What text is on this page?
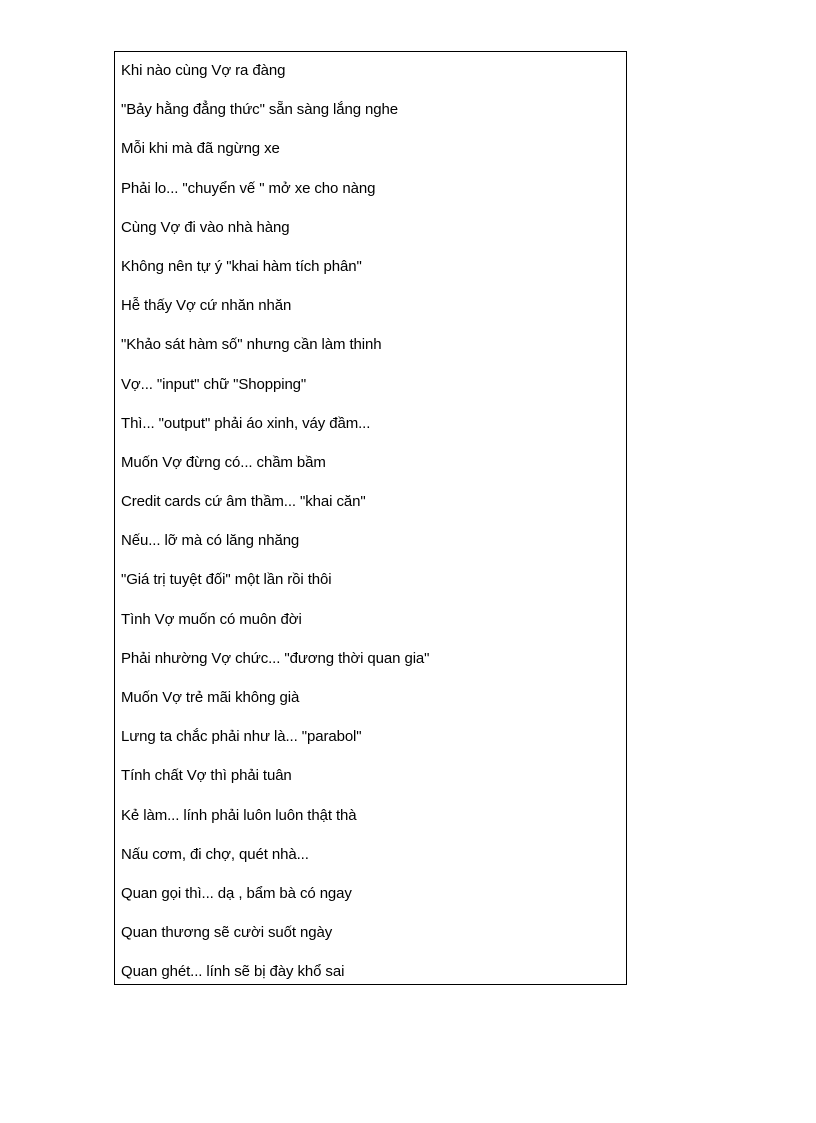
Khi nào cùng Vợ ra đàng
"Bảy hằng đẳng thức" sẵn sàng lắng nghe
Mỗi khi mà đã ngừng xe
Phải lo... "chuyển vế " mở xe cho nàng
Cùng Vợ đi vào nhà hàng
Không nên tự ý "khai hàm tích phân"
Hễ thấy Vợ cứ nhăn nhăn
"Khảo sát hàm số" nhưng cần làm thinh
Vợ... "input" chữ "Shopping"
Thì... "output" phải áo xinh, váy đầm...
Muốn Vợ đừng có... chầm bầm
Credit cards cứ âm thầm... "khai căn"
Nếu... lỡ mà có lăng nhăng
"Giá trị tuyệt đối" một lần rồi thôi
Tình Vợ muốn có muôn đời
Phải nhường Vợ chức... "đương thời quan gia"
Muốn Vợ trẻ mãi không già
Lưng ta chắc phải như là... "parabol"
Tính chất Vợ thì phải tuân
Kẻ làm... lính phải luôn luôn thật thà
Nấu cơm, đi chợ, quét nhà...
Quan gọi thì... dạ , bẩm bà có ngay
Quan thương sẽ cười suốt ngày
Quan ghét... lính sẽ bị đày khổ sai
